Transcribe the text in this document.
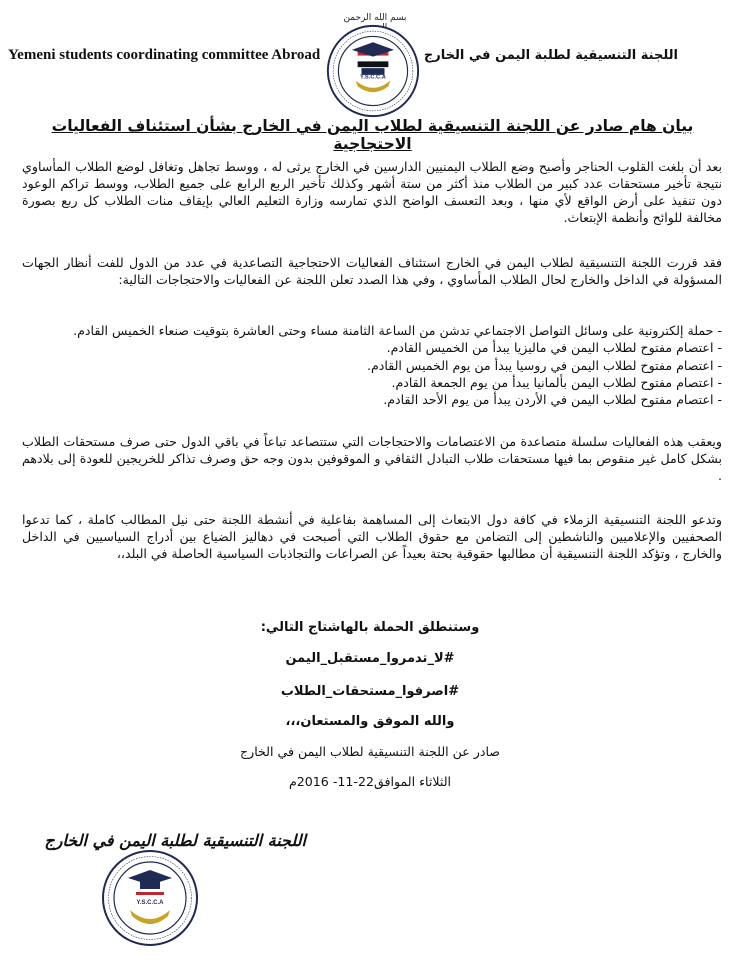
بسم الله الرحمن
Yemeni students coordinating committee Abroad	اللجنة التنسيقية لطلبة اليمن في الخارج
Y.S.C.C.A
بيان هام صادر عن اللجنة التنسيقية لطلاب اليمن في الخارج بشأن استئناف الفعاليات الاحتجاجية

بعد أن بلغت القلوب الحناجر وأصبح وضع الطلاب اليمنيين الدارسين في الخارج يرثى له ، ووسط تجاهل وتغافل لوضع الطلاب المأساوي نتيجة تأخير مستحقات عدد كبير من الطلاب منذ أكثر من ستة أشهر وكذلك تأخير الربع الرابع على جميع الطلاب، ووسط تراكم الوعود دون تنفيذ على أرض الواقع لأي منها ، وبعد التعسف الواضح الذي تمارسه وزارة التعليم العالي بإيقاف منات الطلاب كل ربع بصورة مخالفة للوائح وأنظمة الإبتعاث.

فقد قررت اللجنة التنسيقية لطلاب اليمن في الخارج استئناف الفعاليات الاحتجاجية التصاعدية في عدد من الدول للفت أنظار الجهات المسؤولة في الداخل والخارج لحال الطلاب المأساوي ، وفي هذا الصدد تعلن اللجنة عن الفعاليات والاحتجاجات التالية:

- حملة إلكترونية على وسائل التواصل الاجتماعي تدشن من الساعة الثامنة مساء وحتى العاشرة بتوقيت صنعاء الخميس القادم.
- اعتصام مفتوح لطلاب اليمن في ماليزيا يبدأ من الخميس القادم.
- اعتصام مفتوح لطلاب اليمن في روسيا يبدأ من يوم الخميس القادم.
- اعتصام مفتوح لطلاب اليمن بألمانيا يبدأ من يوم الجمعة القادم.
- اعتصام مفتوح لطلاب اليمن في الأردن يبدأ من يوم الأحد القادم.

ويعقب هذه الفعاليات سلسلة متصاعدة من الاعتصامات والاحتجاجات التي ستتصاعد تباعاً في باقي الدول حتى صرف مستحقات الطلاب بشكل كامل غير منقوص بما فيها مستحقات طلاب التبادل الثقافي و الموقوفين بدون وجه حق وصرف تذاكر للخريجين للعودة إلى بلادهم .

وتدعو اللجنة التنسيقية الزملاء في كافة دول الابتعاث إلى المساهمة بفاعلية في أنشطة اللجنة حتى نيل المطالب كاملة ، كما تدعوا الصحفيين والإعلاميين والناشطين إلى التضامن مع حقوق الطلاب التي أصبحت في دهاليز الضياع بين أدراج السياسيين في الداخل والخارج ، وتؤكد اللجنة التنسيقية أن مطالبها حقوقية بحتة بعيداً عن الصراعات والتجاذبات السياسية الحاصلة في البلد،،

وستنطلق الحملة بالهاشتاج التالي:
#لا_تدمروا_مستقبل_اليمن
#اصرفوا_مستحقات_الطلاب
والله الموفق والمستعان،،،
صادر عن اللجنة التنسيقية لطلاب اليمن في الخارج
الثلاثاء الموافق22-11- 2016م
اللجنة التنسيقية لطلبة اليمن في الخارج
Y.S.C.C.A
